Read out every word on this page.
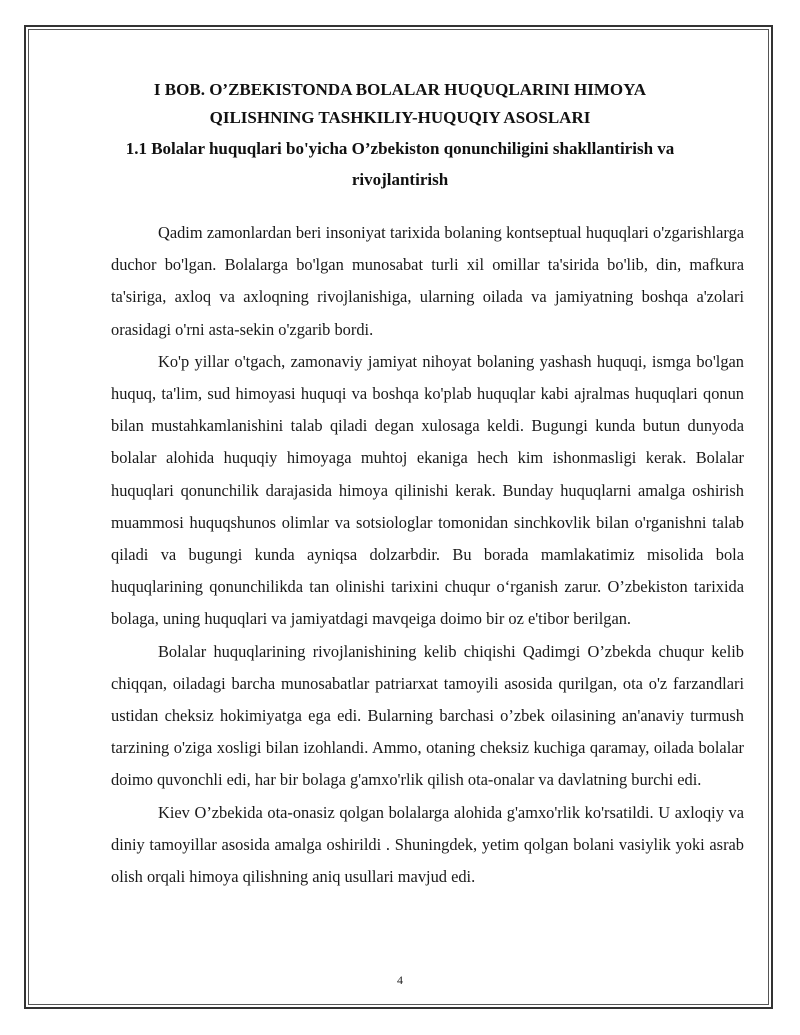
I BOB. O’ZBEKISTONDA BOLALAR HUQUQLARINI HIMOYA QILISHNING TASHKILIY-HUQUQIY ASOSLARI
1.1 Bolalar huquqlari bo'yicha O’zbekiston qonunchiligini shakllantirish va rivojlantirish

Qadim zamonlardan beri insoniyat tarixida bolaning kontseptual huquqlari o'zgarishlarga duchor bo'lgan. Bolalarga bo'lgan munosabat turli xil omillar ta'sirida bo'lib, din, mafkura ta'siriga, axloq va axloqning rivojlanishiga, ularning oilada va jamiyatning boshqa a'zolari orasidagi o'rni asta-sekin o'zgarib bordi.

Ko'p yillar o'tgach, zamonaviy jamiyat nihoyat bolaning yashash huquqi, ismga bo'lgan huquq, ta'lim, sud himoyasi huquqi va boshqa ko'plab huquqlar kabi ajralmas huquqlari qonun bilan mustahkamlanishini talab qiladi degan xulosaga keldi. Bugungi kunda butun dunyoda bolalar alohida huquqiy himoyaga muhtoj ekaniga hech kim ishonmasligi kerak. Bolalar huquqlari qonunchilik darajasida himoya qilinishi kerak. Bunday huquqlarni amalga oshirish muammosi huquqshunos olimlar va sotsiologlar tomonidan sinchkovlik bilan o'rganishni talab qiladi va bugungi kunda ayniqsa dolzarbdir. Bu borada mamlakatimiz misolida bola huquqlarining qonunchilikda tan olinishi tarixini chuqur o‘rganish zarur. O’zbekiston tarixida bolaga, uning huquqlari va jamiyatdagi mavqeiga doimo bir oz e'tibor berilgan.

Bolalar huquqlarining rivojlanishining kelib chiqishi Qadimgi O’zbekda chuqur kelib chiqqan, oiladagi barcha munosabatlar patriarxat tamoyili asosida qurilgan, ota o'z farzandlari ustidan cheksiz hokimiyatga ega edi. Bularning barchasi o’zbek oilasining an'anaviy turmush tarzining o'ziga xosligi bilan izohlandi. Ammo, otaning cheksiz kuchiga qaramay, oilada bolalar doimo quvonchli edi, har bir bolaga g'amxo'rlik qilish ota-onalar va davlatning burchi edi.

Kiev O’zbekida ota-onasiz qolgan bolalarga alohida g'amxo'rlik ko'rsatildi. U axloqiy va diniy tamoyillar asosida amalga oshirildi . Shuningdek, yetim qolgan bolani vasiylik yoki asrab olish orqali himoya qilishning aniq usullari mavjud edi.

4
